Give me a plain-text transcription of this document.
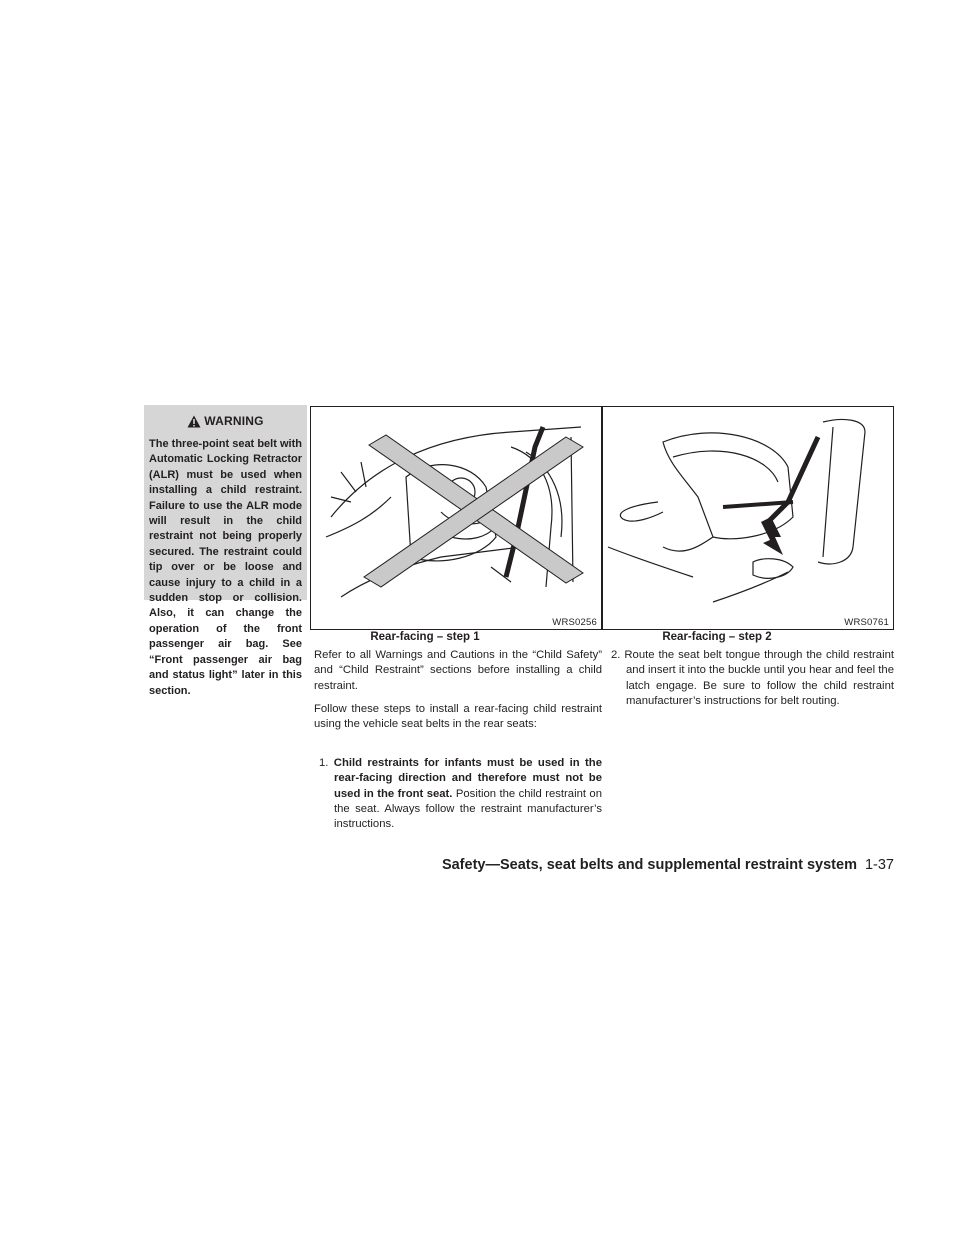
WARNING
The three-point seat belt with Automatic Locking Retractor (ALR) must be used when installing a child restraint. Failure to use the ALR mode will result in the child restraint not being properly secured. The restraint could tip over or be loose and cause injury to a child in a sudden stop or collision. Also, it can change the operation of the front passenger air bag. See “Front passenger air bag and status light” later in this section.
WRS0256
Rear-facing – step 1
WRS0761
Rear-facing – step 2

Refer to all Warnings and Cautions in the “Child Safety” and “Child Restraint” sections before installing a child restraint.

Follow these steps to install a rear-facing child restraint using the vehicle seat belts in the rear seats:

1. Child restraints for infants must be used in the rear-facing direction and therefore must not be used in the front seat. Position the child restraint on the seat. Always follow the restraint manufacturer’s instructions.
2. Route the seat belt tongue through the child restraint and insert it into the buckle until you hear and feel the latch engage. Be sure to follow the child restraint manufacturer’s instructions for belt routing.
Safety—Seats, seat belts and supplemental restraint system 1-37
